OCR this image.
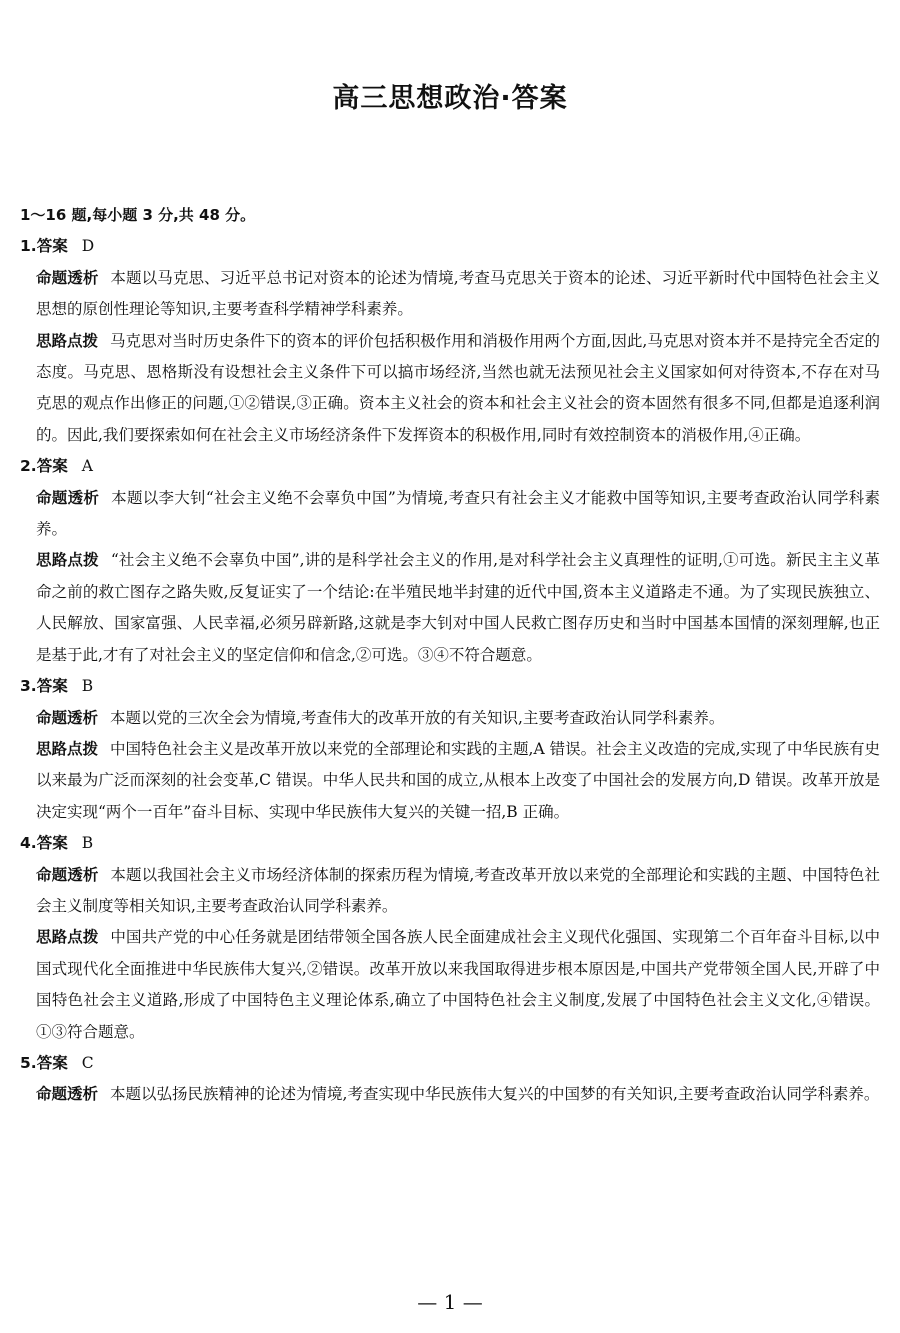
高三思想政治·答案

1～16 题,每小题 3 分,共 48 分。

1.答案 D

命题透析 本题以马克思、习近平总书记对资本的论述为情境,考查马克思关于资本的论述、习近平新时代中国特色社会主义思想的原创性理论等知识,主要考查科学精神学科素养。

思路点拨 马克思对当时历史条件下的资本的评价包括积极作用和消极作用两个方面,因此,马克思对资本并不是持完全否定的态度。马克思、恩格斯没有设想社会主义条件下可以搞市场经济,当然也就无法预见社会主义国家如何对待资本,不存在对马克思的观点作出修正的问题,①②错误,③正确。资本主义社会的资本和社会主义社会的资本固然有很多不同,但都是追逐利润的。因此,我们要探索如何在社会主义市场经济条件下发挥资本的积极作用,同时有效控制资本的消极作用,④正确。

2.答案 A

命题透析 本题以李大钊“社会主义绝不会辜负中国”为情境,考查只有社会主义才能救中国等知识,主要考查政治认同学科素养。

思路点拨 “社会主义绝不会辜负中国”,讲的是科学社会主义的作用,是对科学社会主义真理性的证明,①可选。新民主主义革命之前的救亡图存之路失败,反复证实了一个结论:在半殖民地半封建的近代中国,资本主义道路走不通。为了实现民族独立、人民解放、国家富强、人民幸福,必须另辟新路,这就是李大钊对中国人民救亡图存历史和当时中国基本国情的深刻理解,也正是基于此,才有了对社会主义的坚定信仰和信念,②可选。③④不符合题意。

3.答案 B

命题透析 本题以党的三次全会为情境,考查伟大的改革开放的有关知识,主要考查政治认同学科素养。

思路点拨 中国特色社会主义是改革开放以来党的全部理论和实践的主题,A 错误。社会主义改造的完成,实现了中华民族有史以来最为广泛而深刻的社会变革,C 错误。中华人民共和国的成立,从根本上改变了中国社会的发展方向,D 错误。改革开放是决定实现“两个一百年”奋斗目标、实现中华民族伟大复兴的关键一招,B 正确。

4.答案 B

命题透析 本题以我国社会主义市场经济体制的探索历程为情境,考查改革开放以来党的全部理论和实践的主题、中国特色社会主义制度等相关知识,主要考查政治认同学科素养。

思路点拨 中国共产党的中心任务就是团结带领全国各族人民全面建成社会主义现代化强国、实现第二个百年奋斗目标,以中国式现代化全面推进中华民族伟大复兴,②错误。改革开放以来我国取得进步根本原因是,中国共产党带领全国人民,开辟了中国特色社会主义道路,形成了中国特色主义理论体系,确立了中国特色社会主义制度,发展了中国特色社会主义文化,④错误。①③符合题意。

5.答案 C

命题透析 本题以弘扬民族精神的论述为情境,考查实现中华民族伟大复兴的中国梦的有关知识,主要考查政治认同学科素养。

— 1 —
